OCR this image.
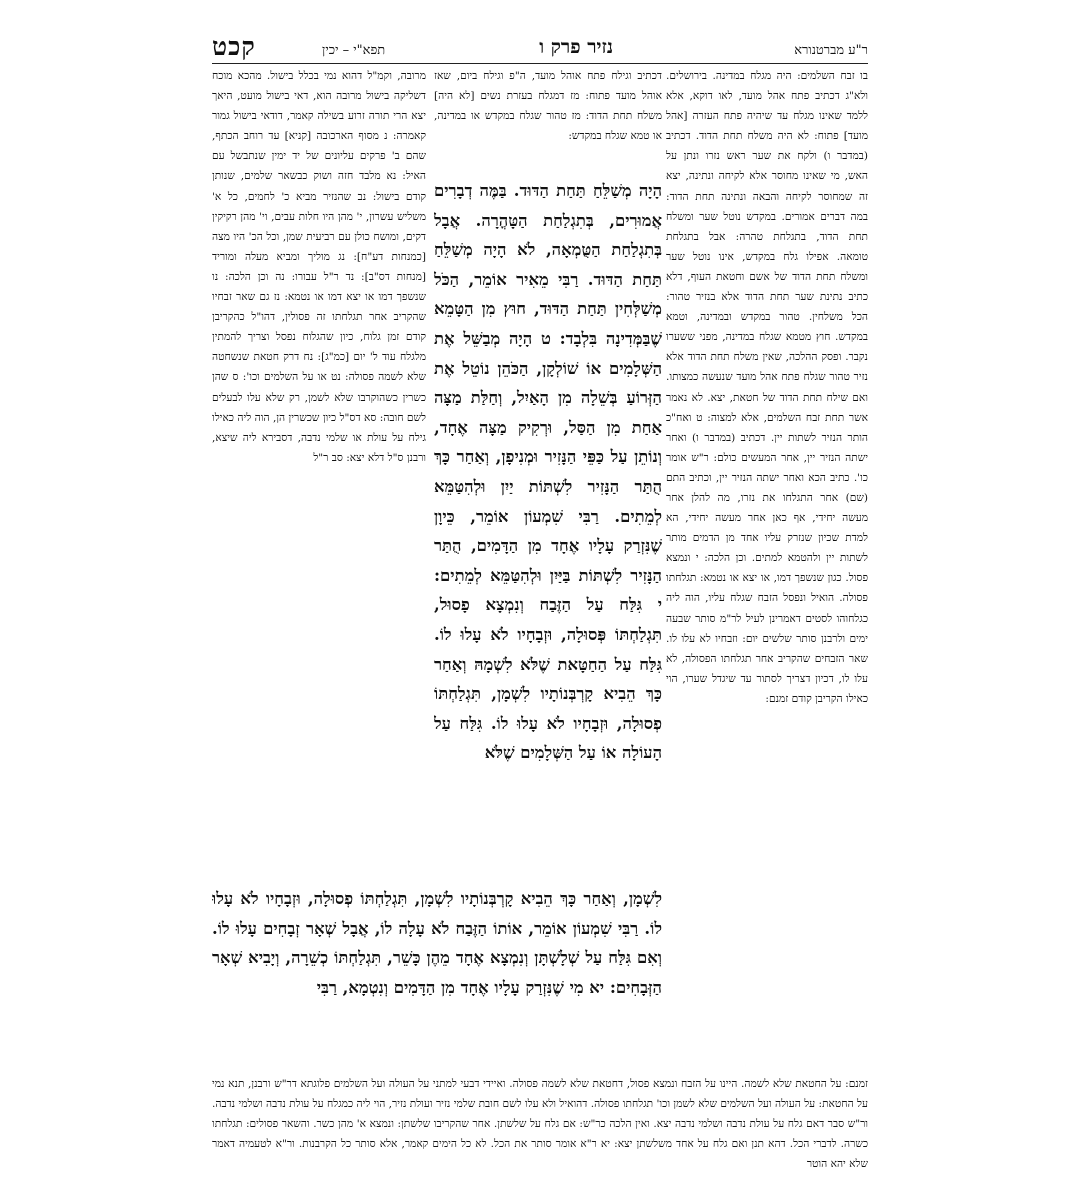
ר"ע מברטנורא
נזיר פרק ו
תפא"י – יכין
קכט

בו זבח השלמים: היה מגלח במדינה. בירושלים. ולא"ג דכתיב פתח אהל מועד, לאו דוקא, אלא ללמד שאינו מגלח עד שיהיה פתח העזרה [אהל מועד] פתוח: לא היה משלח תחת הדוד. דכתיב (במדבר ו) ולקח את שער ראש נזרו ונתן על האש, מי שאינו מחוסר אלא לקיחה ונתינה, יצא זה שמחוסר לקיחה והבאה ונתינה תחת הדוד: במה דברים אמורים. במקדש נוטל שער ומשלח תחת הדוד, בתגלחת טהרה: אבל בתגלחת טומאה. אפילו גלח במקדש, אינו נוטל שער ומשלח תחת הדוד של אשם וחטאת העוף, דלא כתיב נתינת שער תחת הדוד אלא בנזיר טהור: הכל משלחין. טהור במקדש ובמדינה, וטמא במקדש. חוץ מטמא שגלח במדינה, מפני ששערו נקבר. ופסק ההלכה, שאין משלח תחת הדוד אלא נזיר טהור שגלח פתח אהל מועד שנעשה כמצותו. ואם שילח תחת הדוד של חטאת, יצא. לא נאמר אשר תחת זבח השלמים, אלא למצוה: ט ואח"כ הותר הנזיר לשתות יין. דכתיב (במדבר ו) ואחר ישתה הנזיר יין, אחר המעשים כולם: ר"ש אומר כו'. כתיב הכא ואחר ישתה הנזיר יין, וכתיב התם (שם) אחר התגלחו את נזרו, מה להלן אחר מעשה יחידי, אף כאן אחר מעשה יחידי, הא למדת שכיון שנזרק עליו אחד מן הדמים מותר לשתות יין ולהטמא למתים. וכן הלכה: י ונמצא פסול. כגון שנשפך דמו, או יצא או נטמא: תגלחתו פסולה. הואיל ונפסל הזבח שגלח עליו, הוה ליה כגלחוהו לסטים דאמרינן לעיל לר"מ סותר שבעה ימים ולרבנן סותר שלשים יום: וזבחיו לא עלו לו. שאר הזבחים שהקריב אחר תגלחתו הפסולה, לא עלו לו, דכיון דצריך לסתור עד שיגדל שערו, הוי כאילו הקריבן קודם זמנם:

דכתיב וגילח פתח אוהל מועד, ה"פ וגילח ביום, שאז אוהל מועד פתוח: מז דמגלח בעזרת נשים [לא היה] משלח תחת הדוד: מז טהור שגלח במקדש או במדינה, או טמא שגלח במקדש:

הָיָה מְשַׁלֵּחַ תַּחַת הַדּוּד. בַּמֶּה דְבָרִים אֲמוּרִים, בְּתִגְלַחַת הַטָּהֳרָה. אֲבָל בְּתִגְלַחַת הַטֻּמְאָה, לֹא הָיָה מְשַׁלֵּחַ תַּחַת הַדּוּד. רַבִּי מֵאִיר אוֹמֵר, הַכֹּל מְשַׁלְּחִין תַּחַת הַדּוּד, חוּץ מִן הַטָּמֵא שֶׁבַּמְּדִינָה בִּלְבָד: ט הָיָה מְבַשֵּׁל אֶת הַשְּׁלָמִים אוֹ שׁוֹלְקָן, הַכֹּהֵן נוֹטֵל אֶת הַזְּרוֹעַ בְּשֵׁלָה מִן הָאַיִל, וְחַלַּת מַצָּה אַחַת מִן הַסַּל, וּרְקִיק מַצָּה אֶחָד, וְנוֹתֵן עַל כַּפֵּי הַנָּזִיר וּמְנִיפָן, וְאַחַר כָּךְ הֻתַּר הַנָּזִיר לִשְׁתּוֹת יַיִן וּלְהִטַּמֵּא לְמֵתִים. רַבִּי שִׁמְעוֹן אוֹמֵר, כֵּיוָן שֶׁנִּזְרַק עָלָיו אֶחָד מִן הַדָּמִים, הֻתַּר הַנָּזִיר לִשְׁתּוֹת בַּיַּיִן וּלְהִטַּמֵּא לְמֵתִים: י גִּלַּח עַל הַזֶּבַח וְנִמְצָא פָסוּל, תִּגְלַחְתּוֹ פְּסוּלָה, וּזְבָחָיו לֹא עָלוּ לוֹ. גִּלַּח עַל הַחַטָּאת שֶׁלֹּא לִשְׁמָהּ וְאַחַר כָּךְ הֵבִיא קָרְבְּנוֹתָיו לִשְׁמָן, תִּגְלַחְתּוֹ פְסוּלָה, וּזְבָחָיו לֹא עָלוּ לוֹ. גִּלַּח עַל הָעוֹלָה אוֹ עַל הַשְּׁלָמִים שֶׁלֹּא

מרובה, וקמ"ל דהוא נמי בכלל בישול. מהכא מוכח דשליקה בישול מרובה הוא, דאי בישול מועט, היאך יצא הרי תורה זרוע בשילה קאמר, דודאי בישול גמור קאמרה: נ מסוף הארכובה [קניא] עד רוחב הכתף, שהם ב' פרקים עליונים של יד ימין שנתבשל עם האיל: נא מלבד חזה ושוק כבשאר שלמים, שנותן קודם בישול: נב שהנזיר מביא כ' לחמים, כל א' משליש עשרון, י' מהן היו חלות עבים, וי' מהן רקיקין דקים, ומושח כולן עם רביעית שמן, וכל הכ' היו מצה [כמנחות דע"ח]: נג מוליך ומביא מעלה ומוריד [מנחות דס"ב]: נד ר"ל עבורו: נה וכן הלכה: נו שנשפך דמו או יצא דמו או נטמא: נז גם שאר זבחיו שהקריב אחר תגלחתו זה פסולין, דהו"ל כהקריבן קודם זמן גלוח, כיון שהגלוח נפסל וצריך להמתין מלגלח עוד ל' יום [כמ"ג]: נח דרק חטאת שנשחטה שלא לשמה פסולה: נט או על השלמים וכו': ס שהן כשרין כשהוקרבו שלא לשמן, רק שלא עלו לבעלים לשם חובה: סא דס"ל כיון שכשרין הן, הוה ליה כאילו גילח על עולת או שלמי נדבה, דסבירא ליה שיצא, ורבנן ס"ל דלא יצא: סב ר"ל

לִשְׁמָן, וְאַחַר כָּךְ הֵבִיא קָרְבְּנוֹתָיו לִשְׁמָן, תִּגְלַחְתּוֹ פְסוּלָה, וּזְבָחָיו לֹא עָלוּ לוֹ. רַבִּי שִׁמְעוֹן אוֹמֵר, אוֹתוֹ הַזֶּבַח לֹא עָלָה לוֹ, אֲבָל שְׁאָר זְבָחִים עָלוּ לוֹ. וְאִם גִּלַּח עַל שְׁלָשְׁתָּן וְנִמְצָא אֶחָד מֵהֶן כָּשֵׁר, תִּגְלַחְתּוֹ כְשֵׁרָה, וְיָבִיא שְׁאָר הַזְּבָחִים: יא מִי שֶׁנִּזְרַק עָלָיו אֶחָד מִן הַדָּמִים וְנִטְמָא, רַבִּי

זמנם: על החטאת שלא לשמה. היינו על הזבח ונמצא פסול, דחטאת שלא לשמה פסולה. ואיידי דבעי למתני על העולה ועל השלמים פלוגתא דר"ש ורבנן, תנא נמי על החטאת: על העולה ועל השלמים שלא לשמן וכו' תגלחתו פסולה. דהואיל ולא עלו לשם חובת שלמי נזיר ועולת נזיר, הוי ליה כמגלח על עולת נדבה ושלמי נדבה. ור"ש סבר דאם גלח על עולת נדבה ושלמי נדבה יצא. ואין הלכה כר"ש: אם גלח על שלשתן. אחר שהקריבו שלשתן: ונמצא א' מהן כשר. והשאר פסולים: תגלחתו כשרה. לדברי הכל. דהא תנן ואם גלח על אחד משלשתן יצא: יא ר"א אומר סותר את הכל. לא כל הימים קאמר, אלא סותר כל הקרבנות. ור"א לטעמיה דאמר שלא יהא הוטר
